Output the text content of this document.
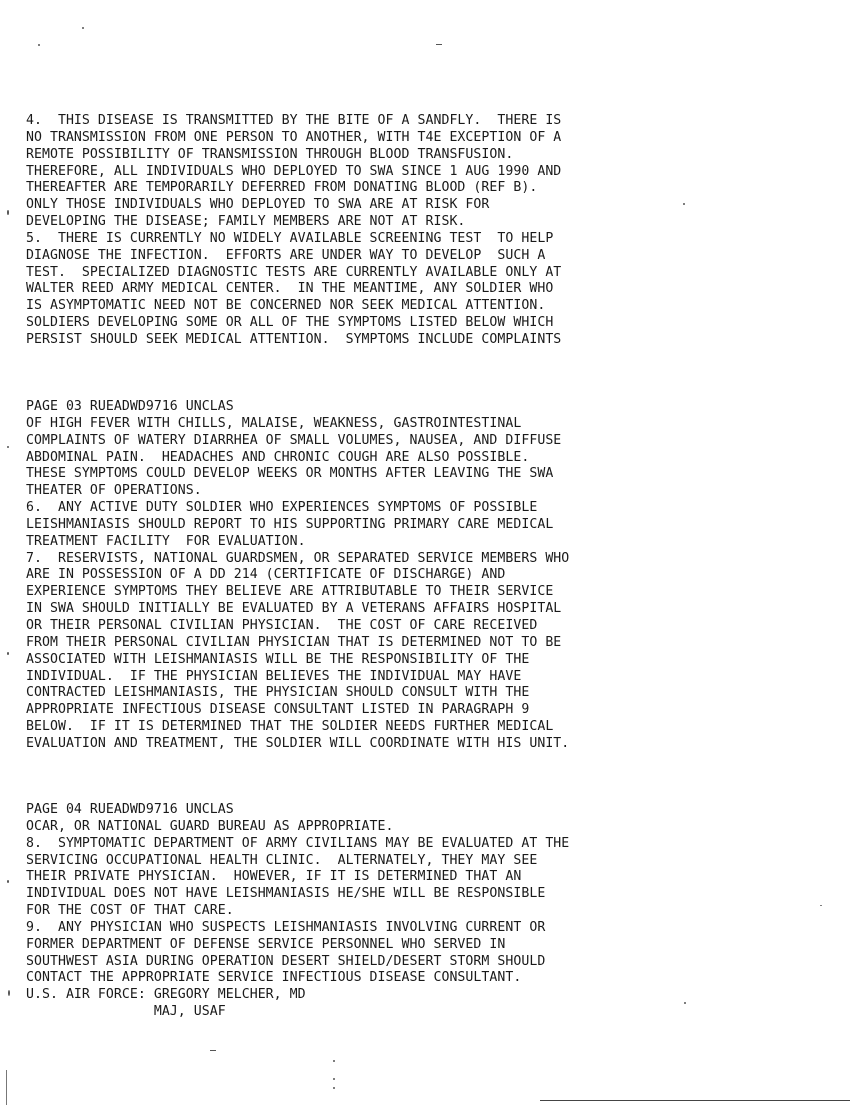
4.  THIS DISEASE IS TRANSMITTED BY THE BITE OF A SANDFLY.  THERE IS
NO TRANSMISSION FROM ONE PERSON TO ANOTHER, WITH T4E EXCEPTION OF A
REMOTE POSSIBILITY OF TRANSMISSION THROUGH BLOOD TRANSFUSION.
THEREFORE, ALL INDIVIDUALS WHO DEPLOYED TO SWA SINCE 1 AUG 1990 AND
THEREAFTER ARE TEMPORARILY DEFERRED FROM DONATING BLOOD (REF B).
ONLY THOSE INDIVIDUALS WHO DEPLOYED TO SWA ARE AT RISK FOR
DEVELOPING THE DISEASE; FAMILY MEMBERS ARE NOT AT RISK.
5.  THERE IS CURRENTLY NO WIDELY AVAILABLE SCREENING TEST  TO HELP
DIAGNOSE THE INFECTION.  EFFORTS ARE UNDER WAY TO DEVELOP  SUCH A
TEST.  SPECIALIZED DIAGNOSTIC TESTS ARE CURRENTLY AVAILABLE ONLY AT
WALTER REED ARMY MEDICAL CENTER.  IN THE MEANTIME, ANY SOLDIER WHO
IS ASYMPTOMATIC NEED NOT BE CONCERNED NOR SEEK MEDICAL ATTENTION.
SOLDIERS DEVELOPING SOME OR ALL OF THE SYMPTOMS LISTED BELOW WHICH
PERSIST SHOULD SEEK MEDICAL ATTENTION.  SYMPTOMS INCLUDE COMPLAINTS
PAGE 03 RUEADWD9716 UNCLAS
OF HIGH FEVER WITH CHILLS, MALAISE, WEAKNESS, GASTROINTESTINAL
COMPLAINTS OF WATERY DIARRHEA OF SMALL VOLUMES, NAUSEA, AND DIFFUSE
ABDOMINAL PAIN.  HEADACHES AND CHRONIC COUGH ARE ALSO POSSIBLE.
THESE SYMPTOMS COULD DEVELOP WEEKS OR MONTHS AFTER LEAVING THE SWA
THEATER OF OPERATIONS.
6.  ANY ACTIVE DUTY SOLDIER WHO EXPERIENCES SYMPTOMS OF POSSIBLE
LEISHMANIASIS SHOULD REPORT TO HIS SUPPORTING PRIMARY CARE MEDICAL
TREATMENT FACILITY  FOR EVALUATION.
7.  RESERVISTS, NATIONAL GUARDSMEN, OR SEPARATED SERVICE MEMBERS WHO
ARE IN POSSESSION OF A DD 214 (CERTIFICATE OF DISCHARGE) AND
EXPERIENCE SYMPTOMS THEY BELIEVE ARE ATTRIBUTABLE TO THEIR SERVICE
IN SWA SHOULD INITIALLY BE EVALUATED BY A VETERANS AFFAIRS HOSPITAL
OR THEIR PERSONAL CIVILIAN PHYSICIAN.  THE COST OF CARE RECEIVED
FROM THEIR PERSONAL CIVILIAN PHYSICIAN THAT IS DETERMINED NOT TO BE
ASSOCIATED WITH LEISHMANIASIS WILL BE THE RESPONSIBILITY OF THE
INDIVIDUAL.  IF THE PHYSICIAN BELIEVES THE INDIVIDUAL MAY HAVE
CONTRACTED LEISHMANIASIS, THE PHYSICIAN SHOULD CONSULT WITH THE
APPROPRIATE INFECTIOUS DISEASE CONSULTANT LISTED IN PARAGRAPH 9
BELOW.  IF IT IS DETERMINED THAT THE SOLDIER NEEDS FURTHER MEDICAL
EVALUATION AND TREATMENT, THE SOLDIER WILL COORDINATE WITH HIS UNIT.
PAGE 04 RUEADWD9716 UNCLAS
OCAR, OR NATIONAL GUARD BUREAU AS APPROPRIATE.
8.  SYMPTOMATIC DEPARTMENT OF ARMY CIVILIANS MAY BE EVALUATED AT THE
SERVICING OCCUPATIONAL HEALTH CLINIC.  ALTERNATELY, THEY MAY SEE
THEIR PRIVATE PHYSICIAN.  HOWEVER, IF IT IS DETERMINED THAT AN
INDIVIDUAL DOES NOT HAVE LEISHMANIASIS HE/SHE WILL BE RESPONSIBLE
FOR THE COST OF THAT CARE.
9.  ANY PHYSICIAN WHO SUSPECTS LEISHMANIASIS INVOLVING CURRENT OR
FORMER DEPARTMENT OF DEFENSE SERVICE PERSONNEL WHO SERVED IN
SOUTHWEST ASIA DURING OPERATION DESERT SHIELD/DESERT STORM SHOULD
CONTACT THE APPROPRIATE SERVICE INFECTIOUS DISEASE CONSULTANT.
U.S. AIR FORCE: GREGORY MELCHER, MD
MAJ, USAF
